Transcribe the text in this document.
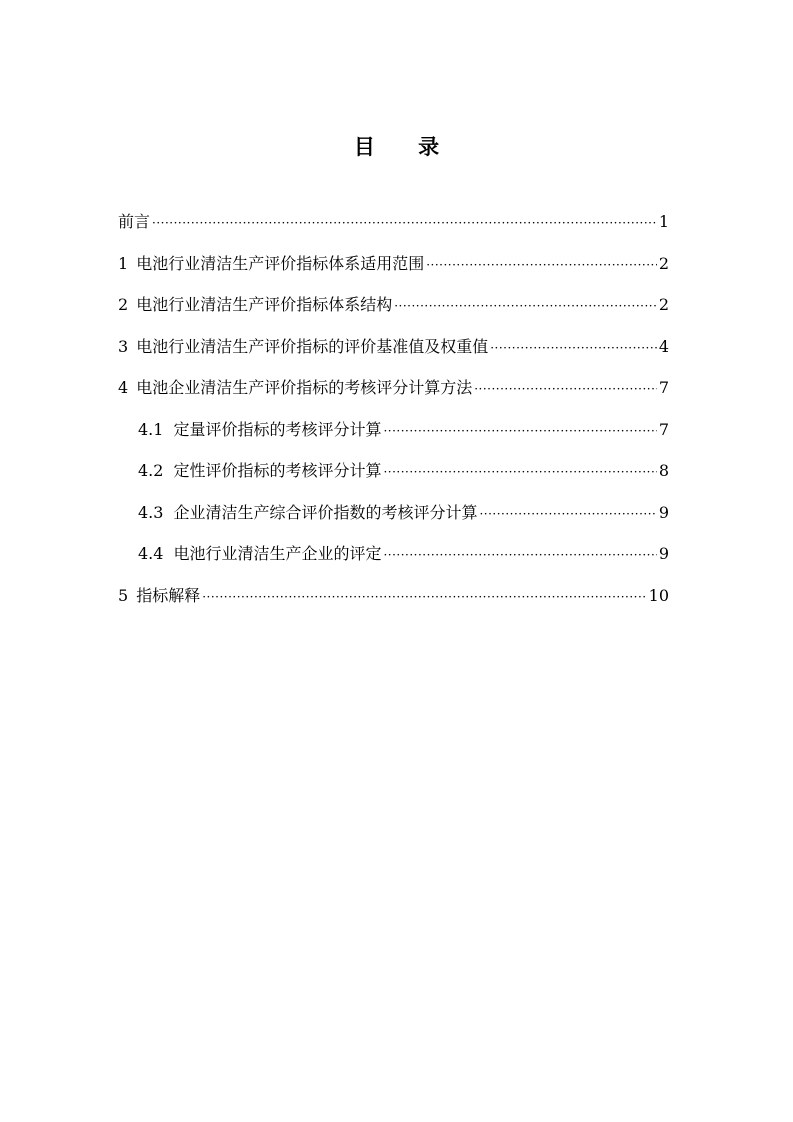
目 录
前言 ·····	1
1 电池行业清洁生产评价指标体系适用范围 ·····	2
2 电池行业清洁生产评价指标体系结构 ·····	2
3 电池行业清洁生产评价指标的评价基准值及权重值 ·····	4
4 电池企业清洁生产评价指标的考核评分计算方法 ·····	7
4.1 定量评价指标的考核评分计算 ·····	7
4.2 定性评价指标的考核评分计算 ·····	8
4.3 企业清洁生产综合评价指数的考核评分计算 ·····	9
4.4 电池行业清洁生产企业的评定 ·····	9
5 指标解释 ·····	10
